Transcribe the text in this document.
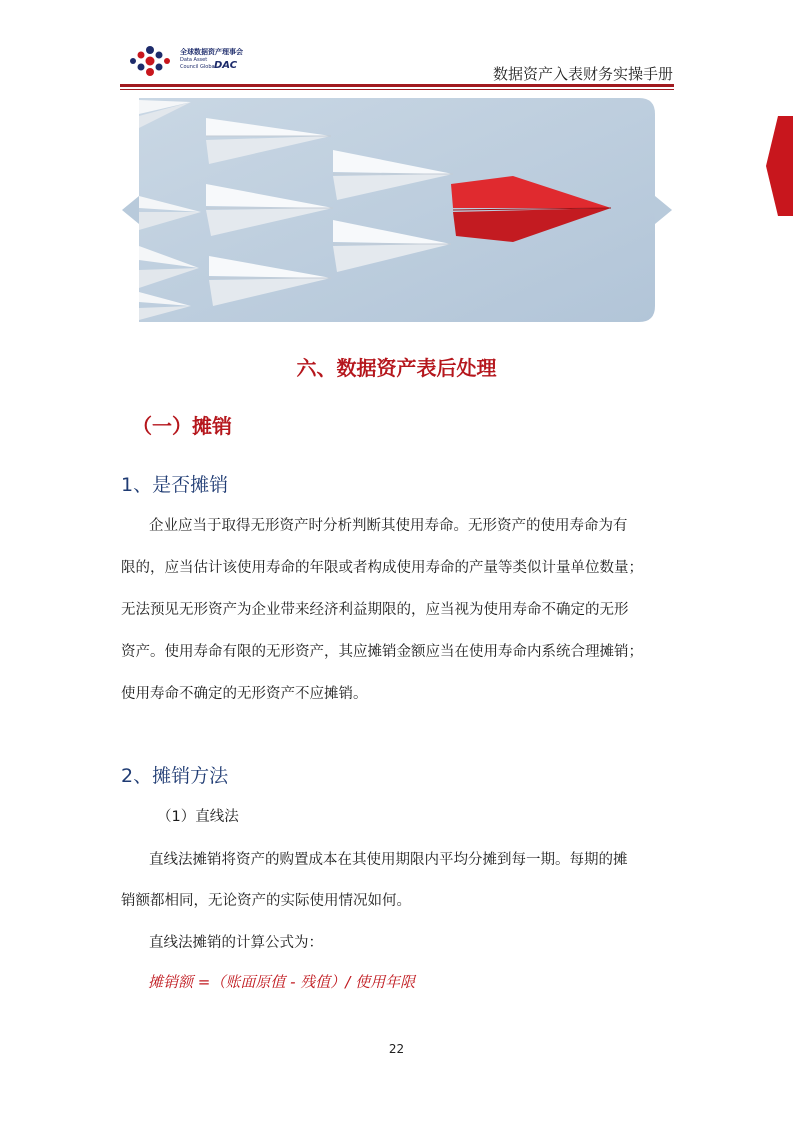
全球数据资产理事会
Data Asset
Council Global
DAC	数据资产入表财务实操手册
六、数据资产表后处理
（一）摊销
1、是否摊销
企业应当于取得无形资产时分析判断其使用寿命。无形资产的使用寿命为有
限的，应当估计该使用寿命的年限或者构成使用寿命的产量等类似计量单位数量；
无法预见无形资产为企业带来经济利益期限的，应当视为使用寿命不确定的无形
资产。使用寿命有限的无形资产，其应摊销金额应当在使用寿命内系统合理摊销；
使用寿命不确定的无形资产不应摊销。
2、摊销方法
（1）直线法
直线法摊销将资产的购置成本在其使用期限内平均分摊到每一期。每期的摊
销额都相同，无论资产的实际使用情况如何。
直线法摊销的计算公式为：
摊销额 =（账面原值 - 残值）/ 使用年限
22
